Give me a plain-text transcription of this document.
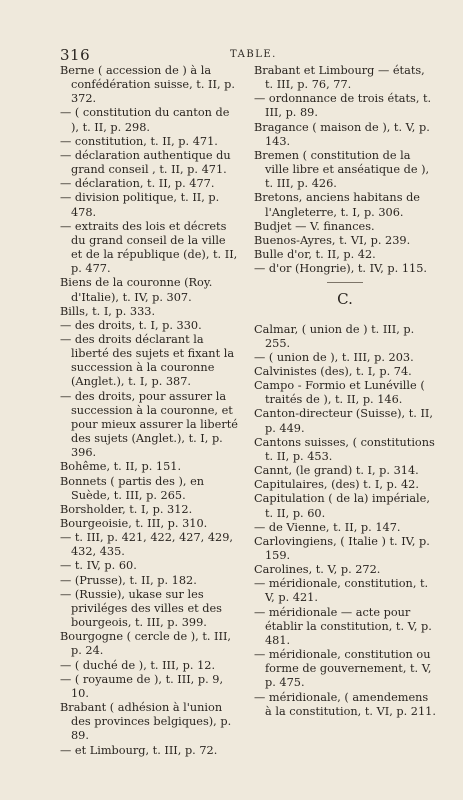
316	TABLE.
Berne ( accession de ) à la confédération suisse, t. II, p. 372.
— ( constitution du canton de ), t. II, p. 298.
— constitution, t. II, p. 471.
— déclaration authentique du grand conseil , t. II, p. 471.
— déclaration, t. II, p. 477.
— division politique, t. II, p. 478.
— extraits des lois et décrets du grand conseil de la ville et de la république (de), t. II, p. 477.
Biens de la couronne (Roy. d'Italie), t. IV, p. 307.
Bills, t. I, p. 333.
— des droits, t. I, p. 330.
— des droits déclarant la liberté des sujets et fixant la succession à la couronne (Anglet.), t. I, p. 387.
— des droits, pour assurer la succession à la couronne, et pour mieux assurer la liberté des sujets (Anglet.), t. I, p. 396.
Bohême, t. II, p. 151.
Bonnets ( partis des ), en Suède, t. III, p. 265.
Borsholder, t. I, p. 312.
Bourgeoisie, t. III, p. 310.
— t. III, p. 421, 422, 427, 429, 432, 435.
— t. IV, p. 60.
— (Prusse), t. II, p. 182.
— (Russie), ukase sur les priviléges des villes et des bourgeois, t. III, p. 399.
Bourgogne ( cercle de ), t. III, p. 24.
— ( duché de ), t. III, p. 12.
— ( royaume de ), t. III, p. 9, 10.
Brabant ( adhésion à l'union des provinces belgiques), p. 89.
— et Limbourg, t. III, p. 72.
Brabant et Limbourg — états, t. III, p. 76, 77.
— ordonnance de trois états, t. III, p. 89.
Bragance ( maison de ), t. V, p. 143.
Bremen ( constitution de la ville libre et anséatique de ), t. III, p. 426.
Bretons, anciens habitans de l'Angleterre, t. I, p. 306.
Budjet — V. finances.
Buenos-Ayres, t. VI, p. 239.
Bulle d'or, t. II, p. 42.
— d'or (Hongrie), t. IV, p. 115.
C.
Calmar, ( union de ) t. III, p. 255.
— ( union de ), t. III, p. 203.
Calvinistes (des), t. I, p. 74.
Campo - Formio et Lunéville ( traités de ), t. II, p. 146.
Canton-directeur (Suisse), t. II, p. 449.
Cantons suisses, ( constitutions t. II, p. 453.
Cannt, (le grand) t. I, p. 314.
Capitulaires, (des) t. I, p. 42.
Capitulation ( de la) impériale, t. II, p. 60.
— de Vienne, t. II, p. 147.
Carlovingiens, ( Italie ) t. IV, p. 159.
Carolines, t. V, p. 272.
— méridionale, constitution, t. V, p. 421.
— méridionale — acte pour établir la constitution, t. V, p. 481.
— méridionale, constitution ou forme de gouvernement, t. V, p. 475.
— méridionale, ( amendemens à la constitution, t. VI, p. 211.
